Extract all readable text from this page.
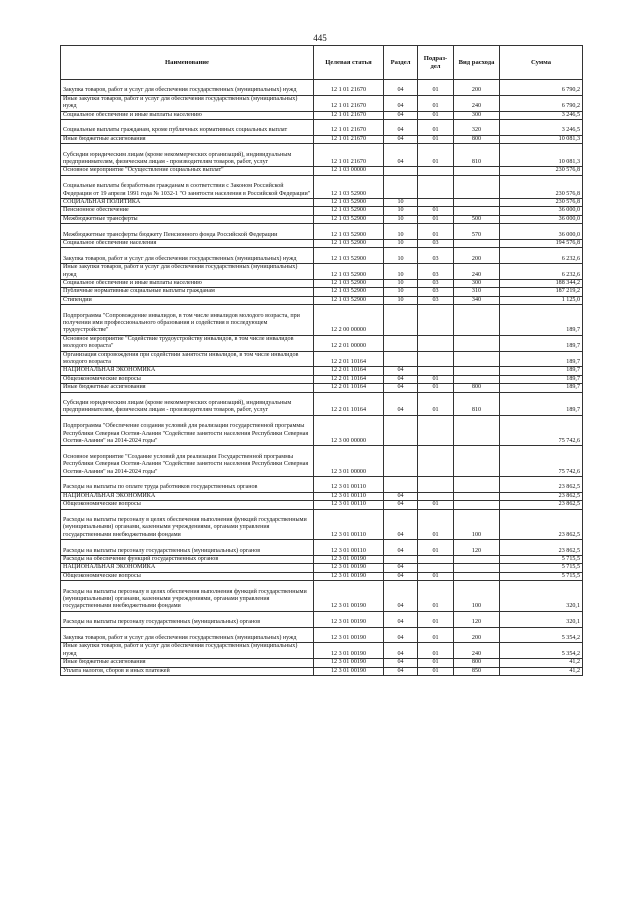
445
Наименование	Целевая статья	Раздел	Подраз-дел	Вид расхода	Сумма
Закупка товаров, работ и услуг для обеспечения государственных (муниципальных) нужд	12 1 01 21670	04	01	200	6 790,2
Иные закупки товаров, работ и услуг для обеспечения государственных (муниципальных) нужд	12 1 01 21670	04	01	240	6 790,2
Социальное обеспечение и иные выплаты населению	12 1 01 21670	04	01	300	3 246,5
Социальные выплаты гражданам, кроме публичных нормативных социальных выплат	12 1 01 21670	04	01	320	3 246,5
Иные бюджетные ассигнования	12 1 01 21670	04	01	800	10 081,3
Субсидии юридическим лицам (кроме некоммерческих организаций), индивидуальным предпринимателям, физическим лицам - производителям товаров, работ, услуг	12 1 01 21670	04	01	810	10 081,3
Основное мероприятие "Осуществление социальных выплат"	12 1 03 00000				230 576,8
Социальные выплаты безработным гражданам в соответствии с Законом Российской Федерации от 19 апреля 1991 года № 1032-1 "О занятости населения в Российской Федерации"	12 1 03 52900				230 576,8
СОЦИАЛЬНАЯ ПОЛИТИКА	12 1 03 52900	10			230 576,8
Пенсионное обеспечение	12 1 03 52900	10	01		36 000,0
Межбюджетные трансферты	12 1 03 52900	10	01	500	36 000,0
Межбюджетные трансферты бюджету Пенсионного фонда Российской Федерации	12 1 03 52900	10	01	570	36 000,0
Социальное обеспечение населения	12 1 03 52900	10	03		194 576,8
Закупка товаров, работ и услуг для обеспечения государственных (муниципальных) нужд	12 1 03 52900	10	03	200	6 232,6
Иные закупки товаров, работ и услуг для обеспечения государственных (муниципальных) нужд	12 1 03 52900	10	03	240	6 232,6
Социальное обеспечение и иные выплаты населению	12 1 03 52900	10	03	300	188 344,2
Публичные нормативные социальные выплаты гражданам	12 1 03 52900	10	03	310	187 219,2
Стипендии	12 1 03 52900	10	03	340	1 125,0
Подпрограмма "Сопровождение инвалидов, в том числе инвалидов молодого возраста, при получении ими профессионального образования и содействия в последующем трудоустройстве"	12 2 00 00000				189,7
Основное мероприятие "Содействие трудоустройству инвалидов, в том числе инвалидов молодого возраста"	12 2 01 00000				189,7
Организация сопровождения при содействии занятости инвалидов, в том числе инвалидов молодого возраста	12 2 01 10164				189,7
НАЦИОНАЛЬНАЯ ЭКОНОМИКА	12 2 01 10164	04			189,7
Общеэкономические вопросы	12 2 01 10164	04	01		189,7
Иные бюджетные ассигнования	12 2 01 10164	04	01	800	189,7
Субсидии юридическим лицам (кроме некоммерческих организаций), индивидуальным предпринимателям, физическим лицам - производителям товаров, работ, услуг	12 2 01 10164	04	01	810	189,7
Подпрограмма "Обеспечение создания условий для реализации государственной программы Республики Северная Осетия-Алания "Содействие занятости населения Республики Северная Осетия-Алания" на 2014-2024 годы"	12 3 00 00000				75 742,6
Основное мероприятие "Создание условий для реализации Государственной программы Республики Северная Осетия-Алания "Содействие занятости населения Республики Северная Осетия-Алания" на 2014-2024 годы"	12 3 01 00000				75 742,6
Расходы на выплаты по оплате труда работников государственных органов	12 3 01 00110				23 862,5
НАЦИОНАЛЬНАЯ ЭКОНОМИКА	12 3 01 00110	04			23 862,5
Общеэкономические вопросы	12 3 01 00110	04	01		23 862,5
Расходы на выплаты персоналу в целях обеспечения выполнения функций государственными (муниципальными) органами, казенными учреждениями, органами управления государственными внебюджетными фондами	12 3 01 00110	04	01	100	23 862,5
Расходы на выплаты персоналу государственных (муниципальных) органов	12 3 01 00110	04	01	120	23 862,5
Расходы на обеспечение функций государственных органов	12 3 01 00190				5 715,5
НАЦИОНАЛЬНАЯ ЭКОНОМИКА	12 3 01 00190	04			5 715,5
Общеэкономические вопросы	12 3 01 00190	04	01		5 715,5
Расходы на выплаты персоналу в целях обеспечения выполнения функций государственными (муниципальными) органами, казенными учреждениями, органами управления государственными внебюджетными фондами	12 3 01 00190	04	01	100	320,1
Расходы на выплаты персоналу государственных (муниципальных) органов	12 3 01 00190	04	01	120	320,1
Закупка товаров, работ и услуг для обеспечения государственных (муниципальных) нужд	12 3 01 00190	04	01	200	5 354,2
Иные закупки товаров, работ и услуг для обеспечения государственных (муниципальных) нужд	12 3 01 00190	04	01	240	5 354,2
Иные бюджетные ассигнования	12 3 01 00190	04	01	800	41,2
Уплата налогов, сборов и иных платежей	12 3 01 00190	04	01	850	41,2
